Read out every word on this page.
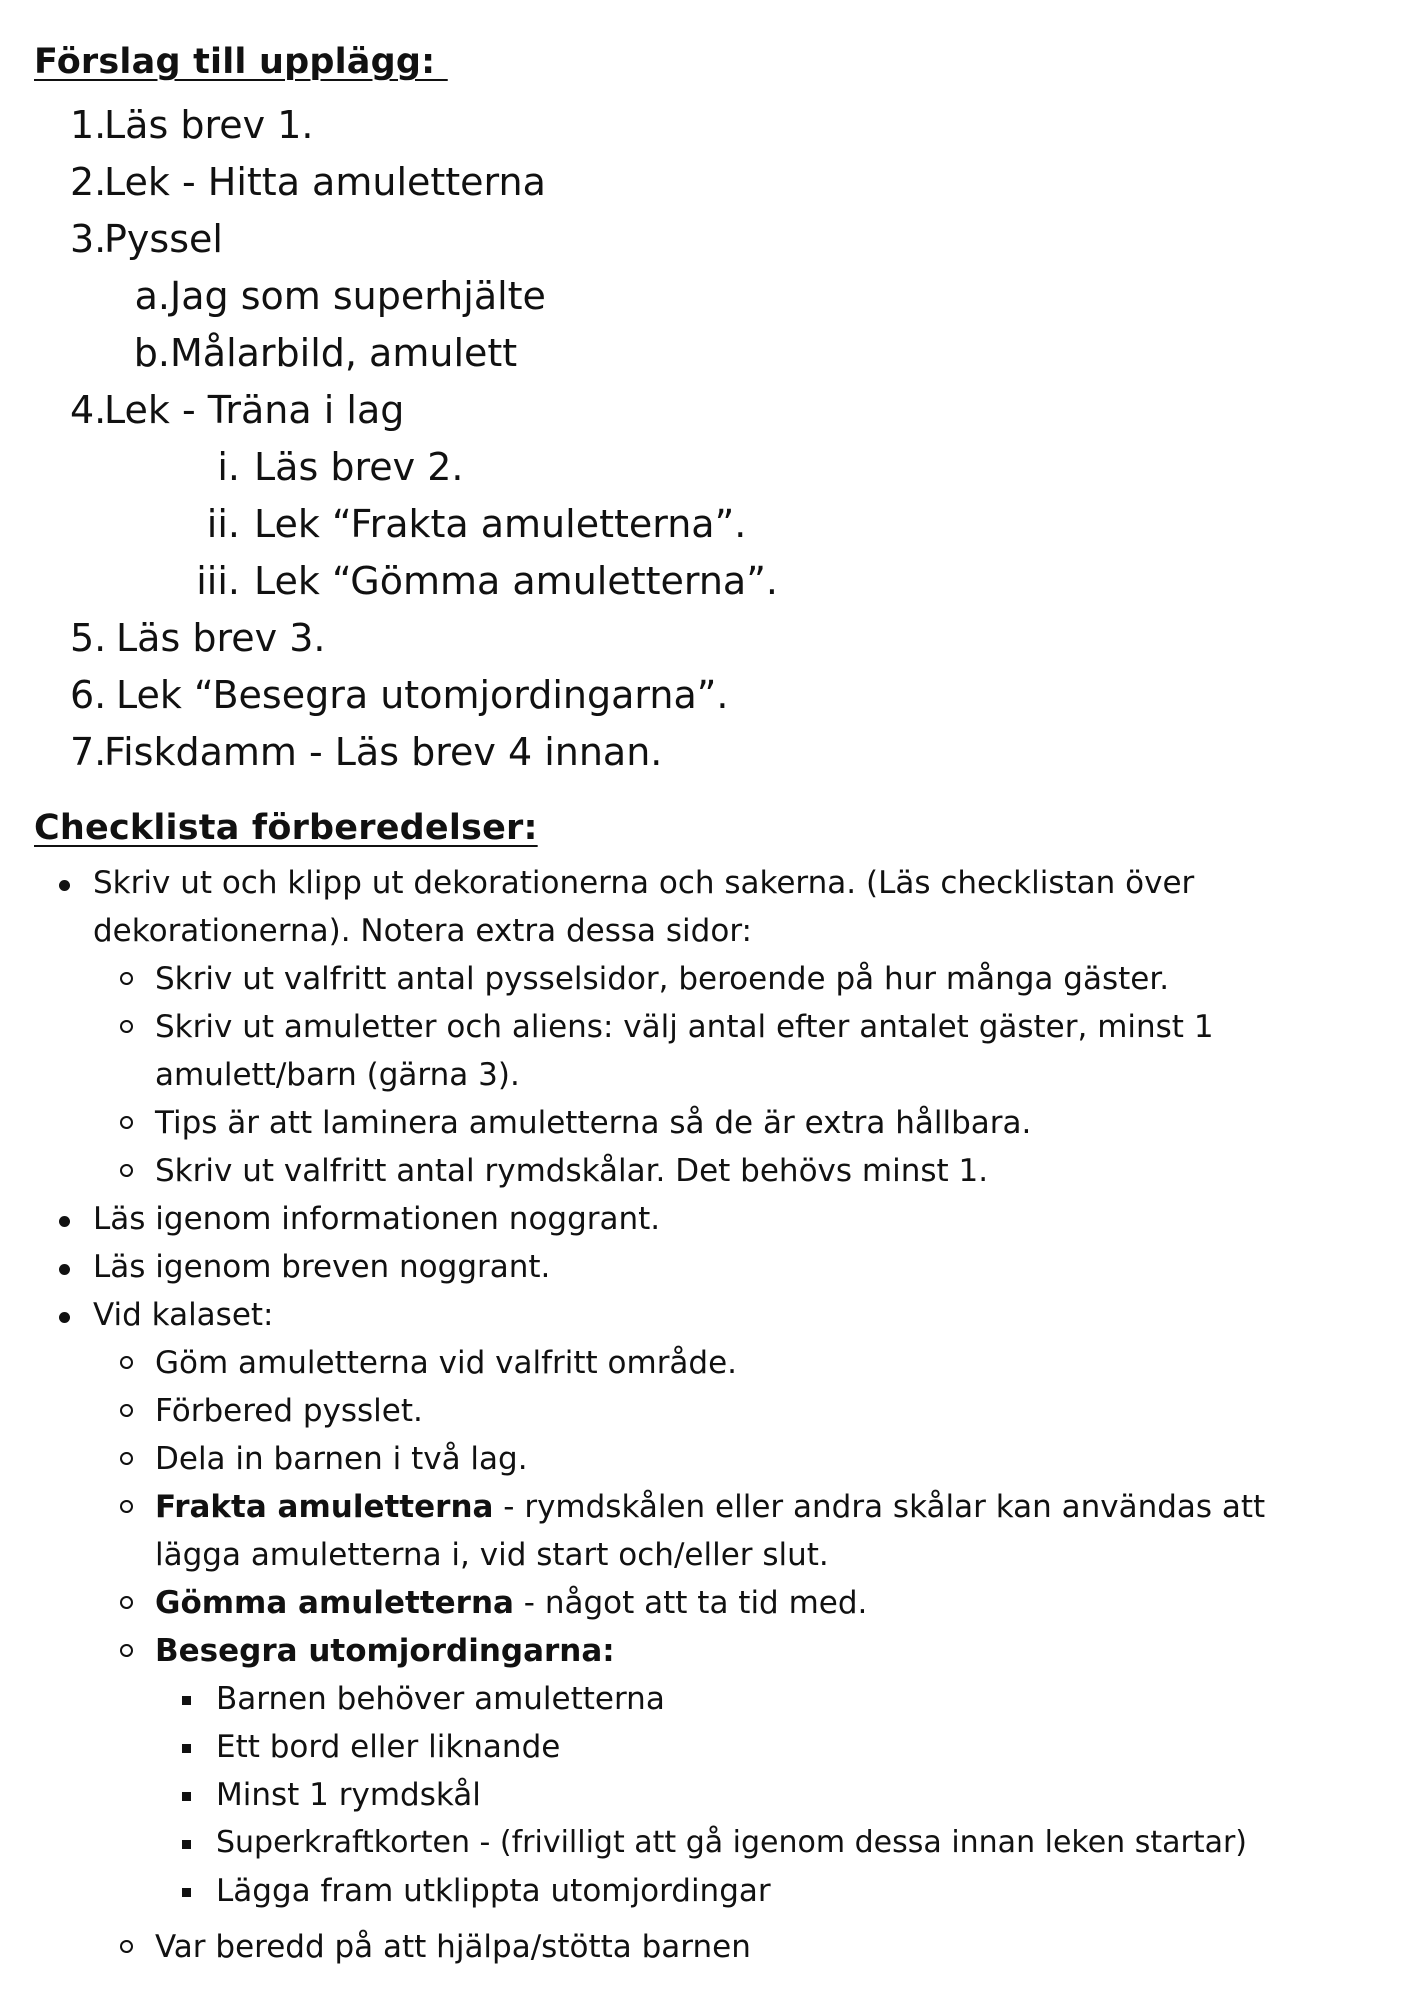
Förslag till upplägg:
1.Läs brev 1.
2.Lek - Hitta amuletterna
3.Pyssel
a.Jag som superhjälte
b.Målarbild, amulett
4.Lek - Träna i lag
i. Läs brev 2.
ii. Lek “Frakta amuletterna”.
iii. Lek “Gömma amuletterna”.
5. Läs brev 3.
6. Lek “Besegra utomjordingarna”.
7.Fiskdamm - Läs brev 4 innan.
Checklista förberedelser:
Skriv ut och klipp ut dekorationerna och sakerna. (Läs checklistan över
dekorationerna). Notera extra dessa sidor:
Skriv ut valfritt antal pysselsidor, beroende på hur många gäster.
Skriv ut amuletter och aliens: välj antal efter antalet gäster, minst 1
amulett/barn (gärna 3).
Tips är att laminera amuletterna så de är extra hållbara.
Skriv ut valfritt antal rymdskålar. Det behövs minst 1.
Läs igenom informationen noggrant.
Läs igenom breven noggrant.
Vid kalaset:
Göm amuletterna vid valfritt område.
Förbered pysslet.
Dela in barnen i två lag.
Frakta amuletterna - rymdskålen eller andra skålar kan användas att
lägga amuletterna i, vid start och/eller slut.
Gömma amuletterna - något att ta tid med.
Besegra utomjordingarna:
Barnen behöver amuletterna
Ett bord eller liknande
Minst 1 rymdskål
Superkraftkorten - (frivilligt att gå igenom dessa innan leken startar)
Lägga fram utklippta utomjordingar
Var beredd på att hjälpa/stötta barnen
